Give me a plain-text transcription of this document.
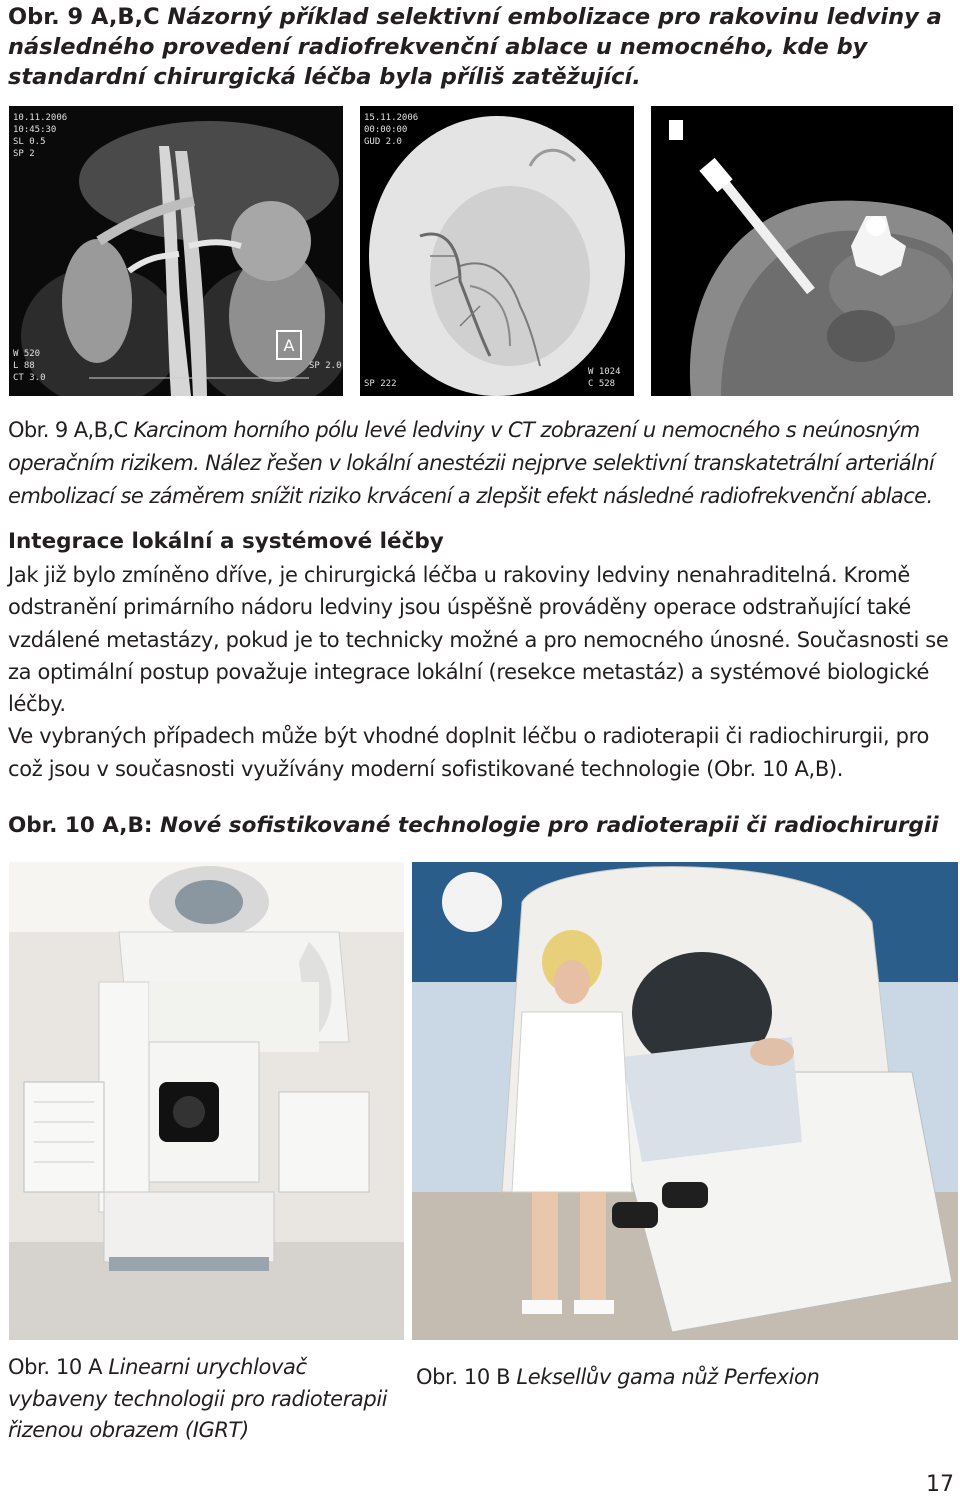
Obr. 9 A,B,C Názorný příklad selektivní embolizace pro rakovinu ledviny a následného provedení radiofrekvenční ablace u nemocného, kde by standardní chirurgická léčba byla příliš zatěžující.
A
10.11.2006
10:45:30
SL 0.5
SP 2
W 520
L 88
CT 3.0
SP 2.0
15.11.2006
00:00:00
GUD 2.0
SP 222
W 1024
C 528
Obr. 9 A,B,C Karcinom horního pólu levé ledviny v CT zobrazení u nemocného s neúnosným operačním rizikem. Nález řešen v lokální anestézii nejprve selektivní transkatetrální arteriální embolizací se záměrem snížit riziko krvácení a zlepšit efekt následné radiofrekvenční ablace.
Integrace lokální a systémové léčby

Jak již bylo zmíněno dříve, je chirurgická léčba u rakoviny ledviny nenahraditelná. Kromě odstranění primárního nádoru ledviny jsou úspěšně prováděny operace odstraňující také vzdálené metastázy, pokud je to technicky možné a pro nemocného únosné. Současnosti se za optimální postup považuje integrace lokální (resekce metastáz) a systémové biologické léčby.

Ve vybraných případech může být vhodné doplnit léčbu o radioterapii či radiochirurgii, pro což jsou v současnosti využívány moderní sofistikované technologie (Obr. 10 A,B).

Obr. 10 A,B: Nové sofistikované technologie pro radioterapii či radiochirurgii
Obr. 10 A Linearni urychlovač vybaveny technologii pro radioterapii řizenou obrazem (IGRT)
Obr. 10 B Leksellův gama nůž Perfexion
17
